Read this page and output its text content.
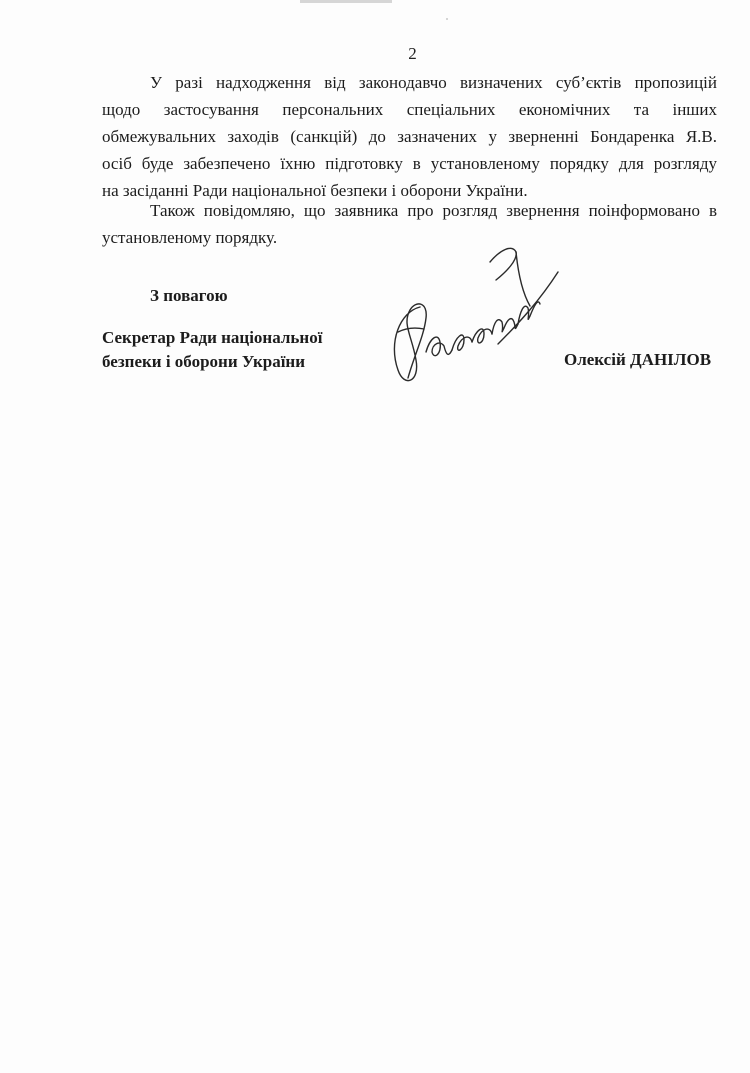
2
У разі надходження від законодавчо визначених суб’єктів пропозицій
щодо застосування персональних спеціальних економічних та інших
обмежувальних заходів (санкцій) до зазначених у зверненні Бондаренка Я.В.
осіб буде забезпечено їхню підготовку в установленому порядку для розгляду
на засіданні Ради національної безпеки і оборони України.
Також повідомляю, що заявника про розгляд звернення поінформовано в
установленому порядку.
З повагою
Секретар Ради національної
безпеки і оборони України	Олексій ДАНІЛОВ
